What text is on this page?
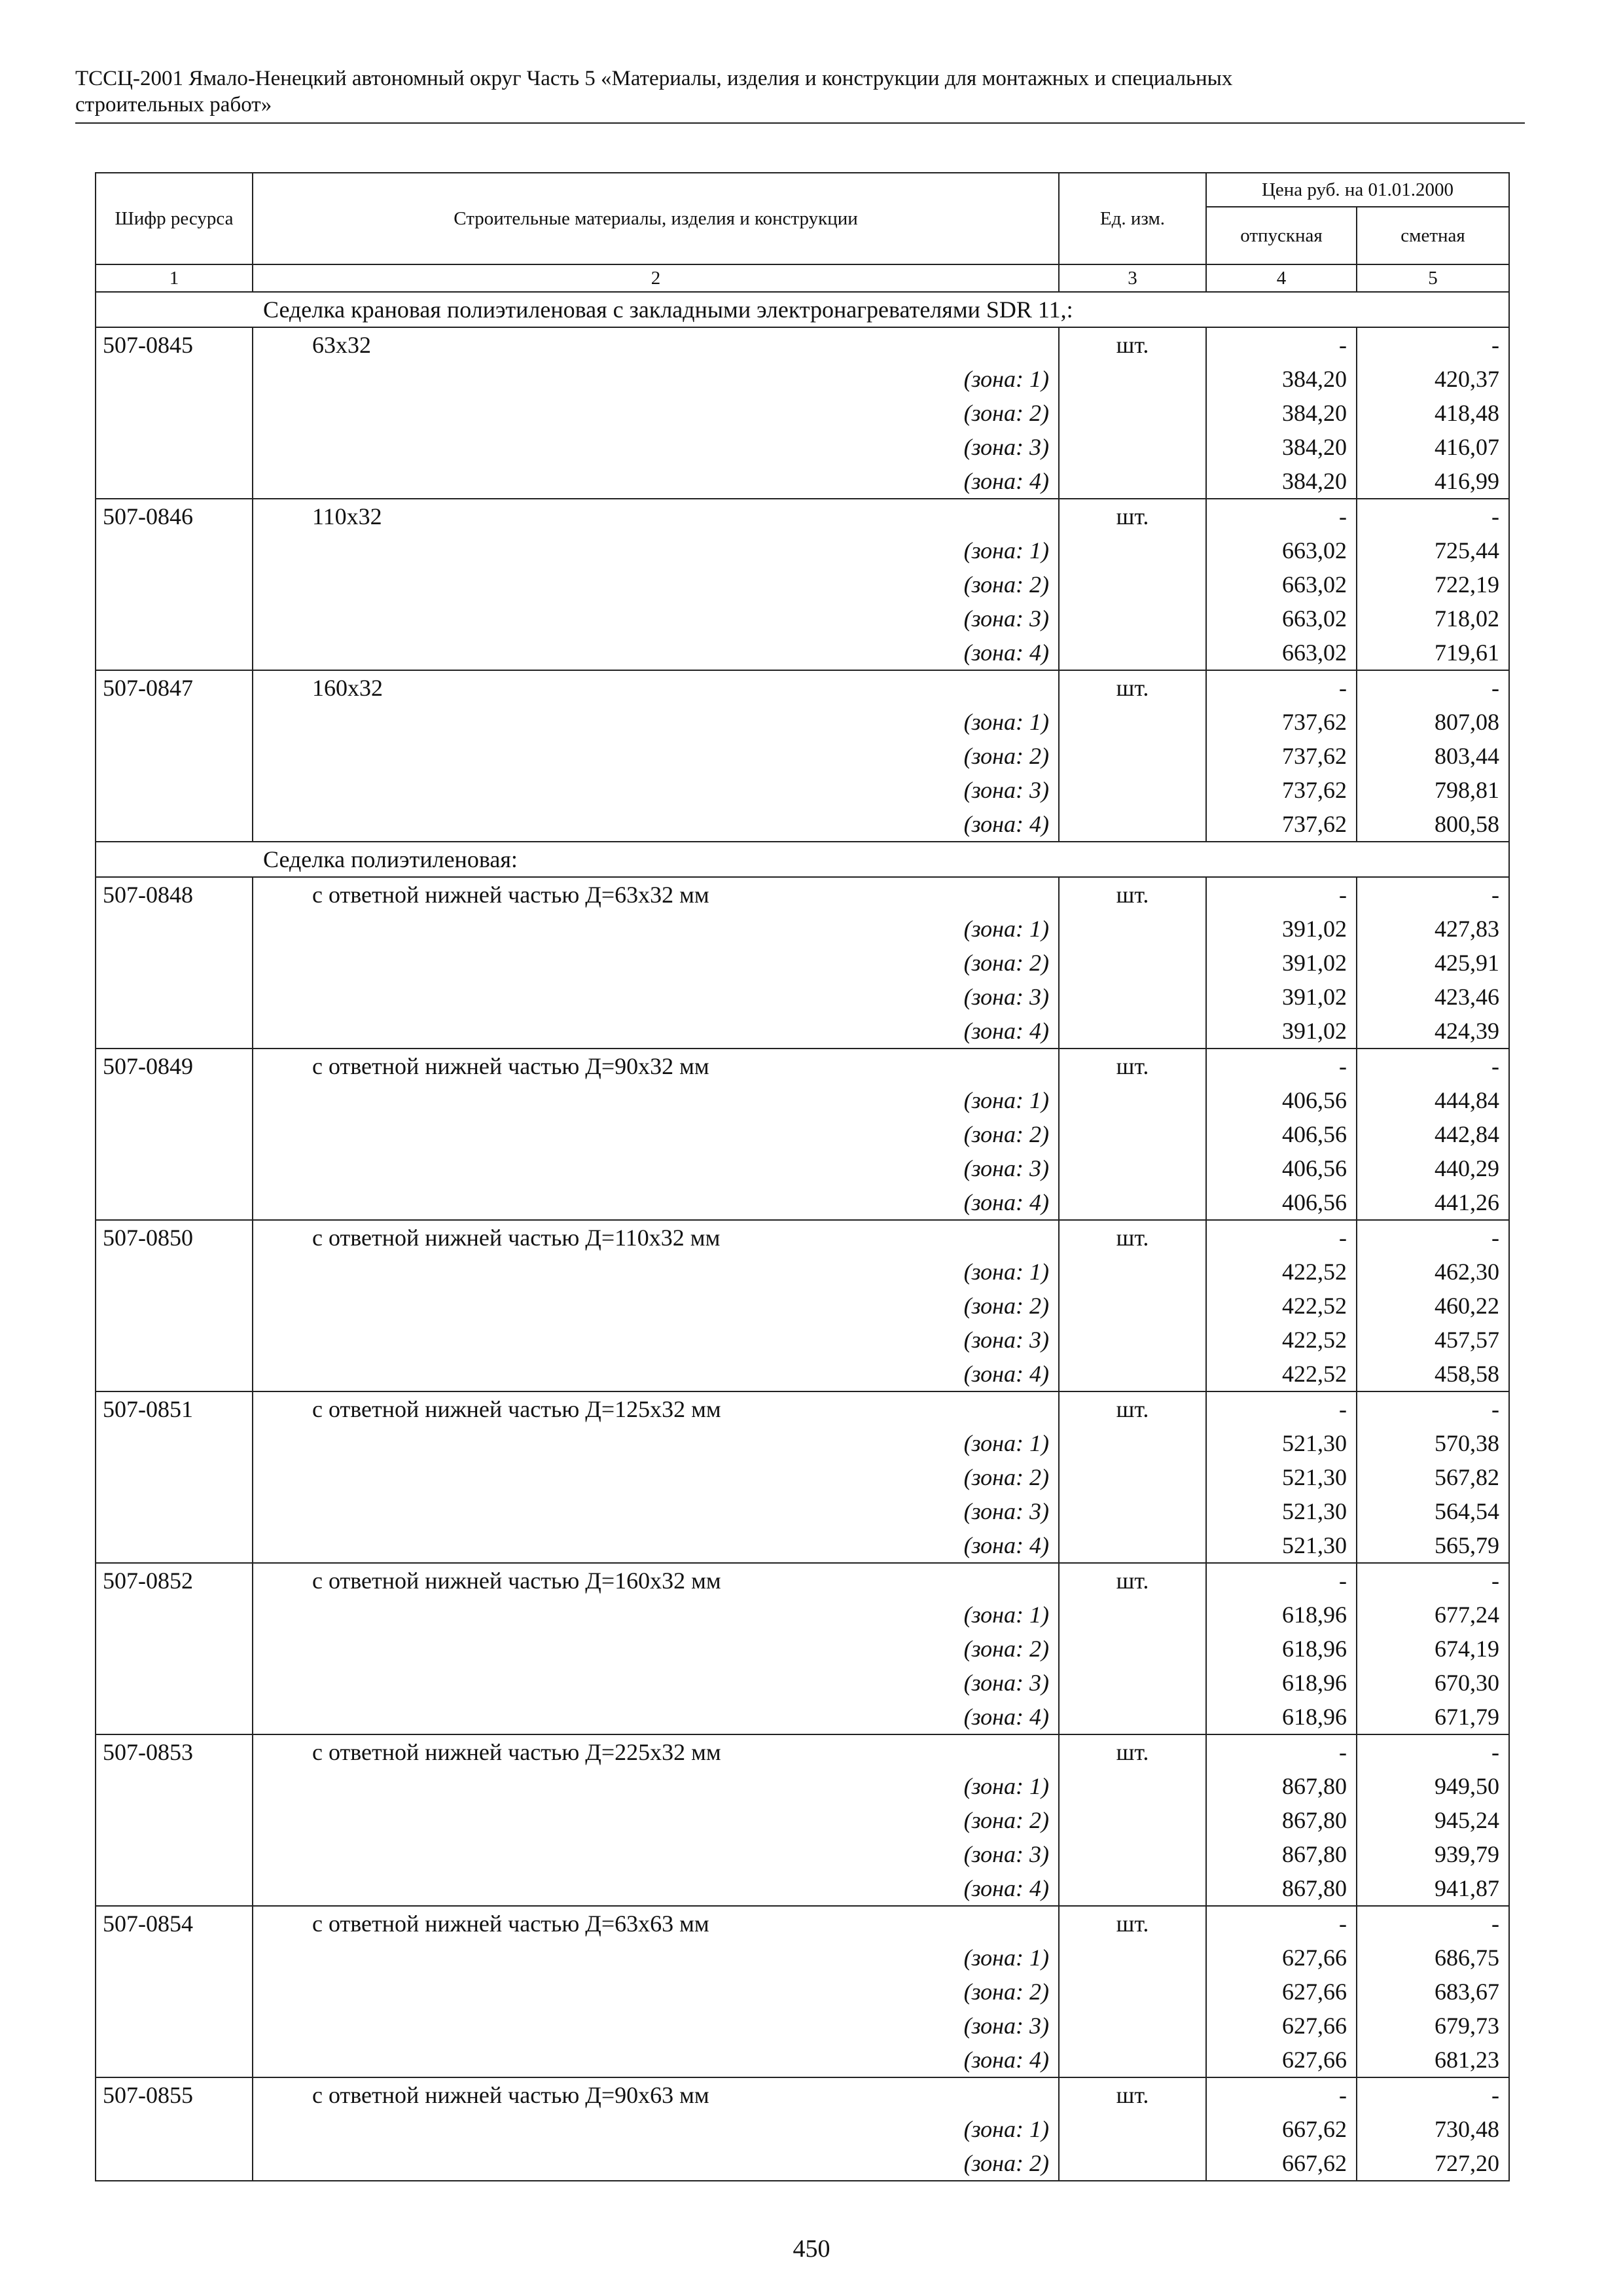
ТССЦ-2001 Ямало-Ненецкий автономный округ Часть 5 «Материалы, изделия и конструкции для монтажных и специальных
строительных работ»
Шифр ресурса	Строительные материалы, изделия и конструкции	Ед. изм.	Цена руб. на 01.01.2000	
			отпускная	сметная
1	2	3	4	5
Седелка крановая полиэтиленовая с закладными электронагревателями SDR 11,:				
507-0845	63x32	шт.	-	-
	(зона: 1)		384,20	420,37
	(зона: 2)		384,20	418,48
	(зона: 3)		384,20	416,07
	(зона: 4)		384,20	416,99
507-0846	110x32	шт.	-	-
	(зона: 1)		663,02	725,44
	(зона: 2)		663,02	722,19
	(зона: 3)		663,02	718,02
	(зона: 4)		663,02	719,61
507-0847	160x32	шт.	-	-
	(зона: 1)		737,62	807,08
	(зона: 2)		737,62	803,44
	(зона: 3)		737,62	798,81
	(зона: 4)		737,62	800,58
Седелка полиэтиленовая:				
507-0848	с ответной нижней частью Д=63х32 мм	шт.	-	-
	(зона: 1)		391,02	427,83
	(зона: 2)		391,02	425,91
	(зона: 3)		391,02	423,46
	(зона: 4)		391,02	424,39
507-0849	с ответной нижней частью Д=90х32 мм	шт.	-	-
	(зона: 1)		406,56	444,84
	(зона: 2)		406,56	442,84
	(зона: 3)		406,56	440,29
	(зона: 4)		406,56	441,26
507-0850	с ответной нижней частью Д=110х32 мм	шт.	-	-
	(зона: 1)		422,52	462,30
	(зона: 2)		422,52	460,22
	(зона: 3)		422,52	457,57
	(зона: 4)		422,52	458,58
507-0851	с ответной нижней частью Д=125х32 мм	шт.	-	-
	(зона: 1)		521,30	570,38
	(зона: 2)		521,30	567,82
	(зона: 3)		521,30	564,54
	(зона: 4)		521,30	565,79
507-0852	с ответной нижней частью Д=160х32 мм	шт.	-	-
	(зона: 1)		618,96	677,24
	(зона: 2)		618,96	674,19
	(зона: 3)		618,96	670,30
	(зона: 4)		618,96	671,79
507-0853	с ответной нижней частью Д=225х32 мм	шт.	-	-
	(зона: 1)		867,80	949,50
	(зона: 2)		867,80	945,24
	(зона: 3)		867,80	939,79
	(зона: 4)		867,80	941,87
507-0854	с ответной нижней частью Д=63х63 мм	шт.	-	-
	(зона: 1)		627,66	686,75
	(зона: 2)		627,66	683,67
	(зона: 3)		627,66	679,73
	(зона: 4)		627,66	681,23
507-0855	с ответной нижней частью Д=90х63 мм	шт.	-	-
	(зона: 1)		667,62	730,48
	(зона: 2)		667,62	727,20
450
